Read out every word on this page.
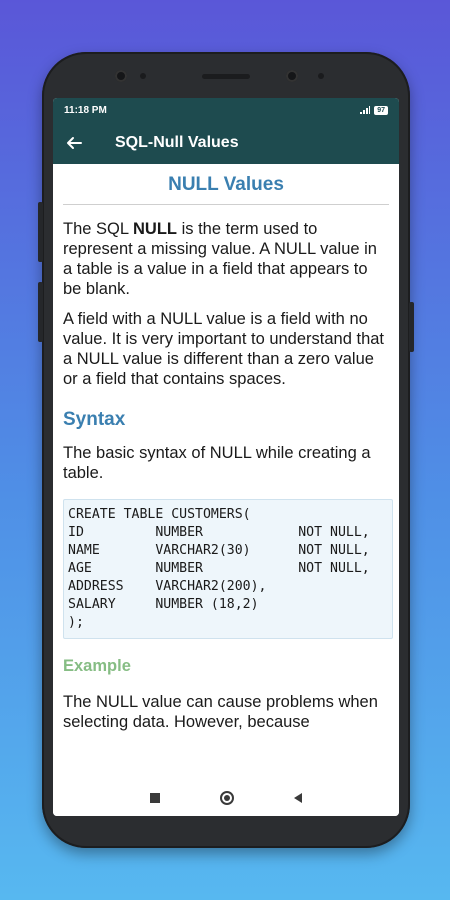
11:18 PM	97
SQL-Null Values
NULL Values

The SQL NULL is the term used to represent a missing value. A NULL value in a table is a value in a field that appears to be blank.

A field with a NULL value is a field with no value. It is very important to understand that a NULL value is different than a zero value or a field that contains spaces.

Syntax

The basic syntax of NULL while creating a table.

CREATE TABLE CUSTOMERS(
ID         NUMBER            NOT NULL,
NAME       VARCHAR2(30)      NOT NULL,
AGE        NUMBER            NOT NULL,
ADDRESS    VARCHAR2(200),
SALARY     NUMBER (18,2)
);
Example

The NULL value can cause problems when selecting data. However, because
